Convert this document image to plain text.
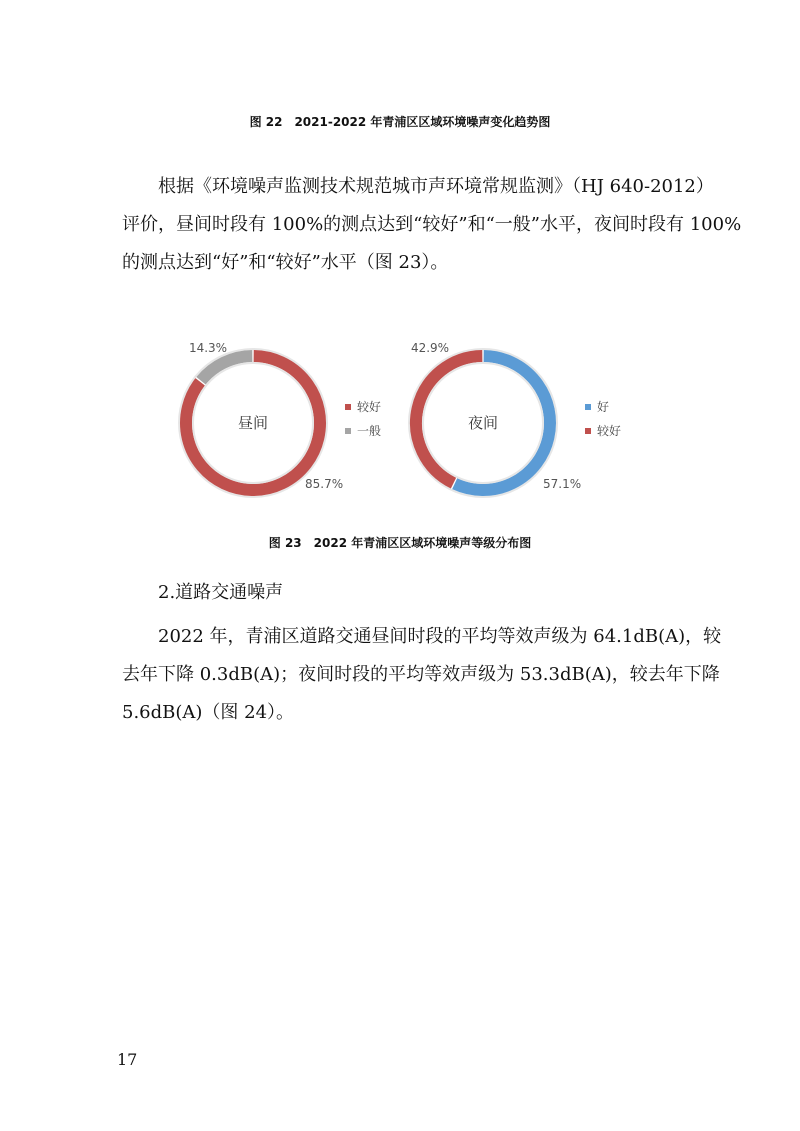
图 22　2021-2022 年青浦区区域环境噪声变化趋势图

根据《环境噪声监测技术规范城市声环境常规监测》（HJ 640-2012）
评价，昼间时段有 100%的测点达到“较好”和“一般”水平，夜间时段有 100%
的测点达到“好”和“较好”水平（图 23）。

昼间
85.7%
14.3%
较好
一般	夜间
57.1%
42.9%
好
较好
图 23　2022 年青浦区区域环境噪声等级分布图

2.道路交通噪声

2022 年，青浦区道路交通昼间时段的平均等效声级为 64.1dB(A)，较
去年下降 0.3dB(A)；夜间时段的平均等效声级为 53.3dB(A)，较去年下降
5.6dB(A)（图 24）。

17
